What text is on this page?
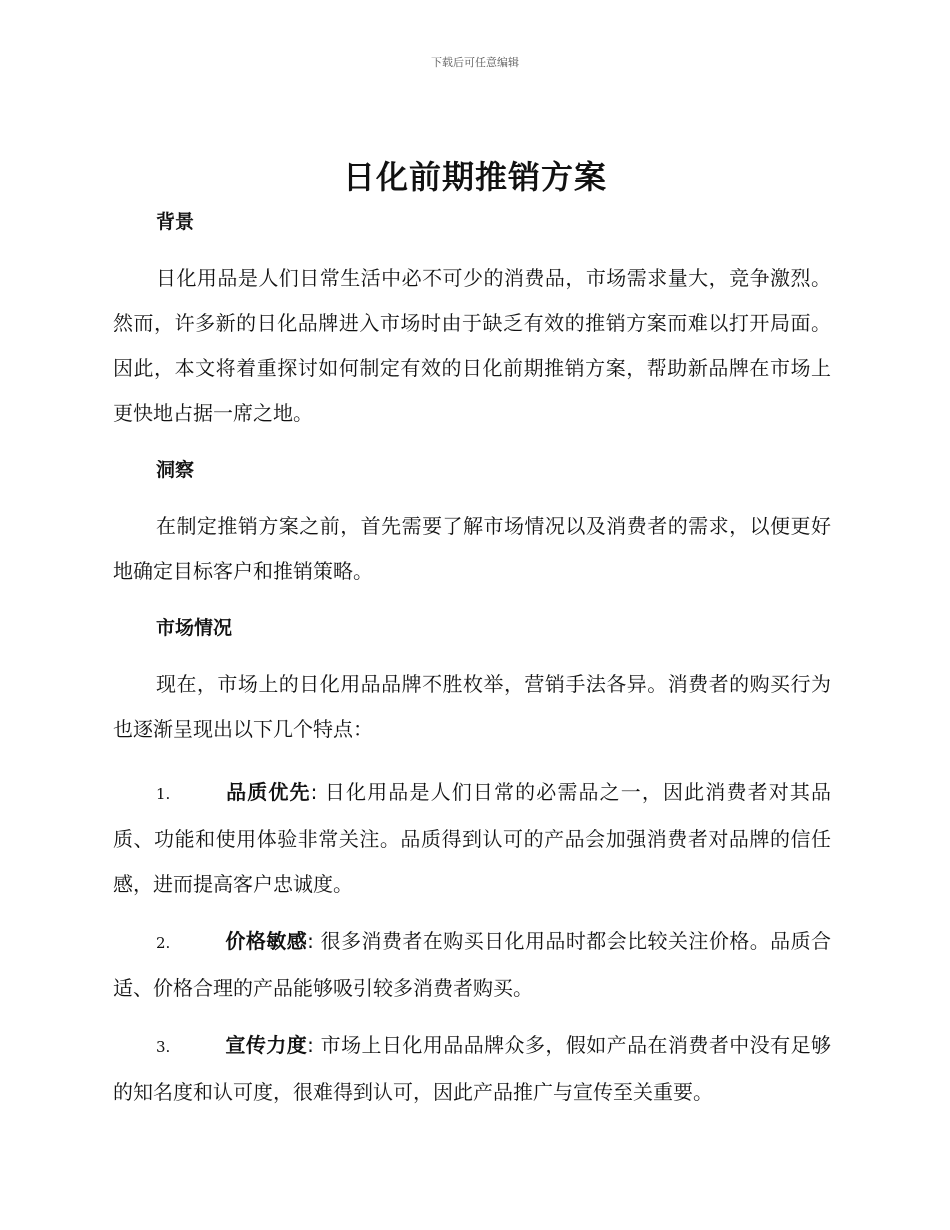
下载后可任意编辑
日化前期推销方案
背景

日化用品是人们日常生活中必不可少的消费品，市场需求量大，竞争激烈。然而，许多新的日化品牌进入市场时由于缺乏有效的推销方案而难以打开局面。因此，本文将着重探讨如何制定有效的日化前期推销方案，帮助新品牌在市场上更快地占据一席之地。

洞察

在制定推销方案之前，首先需要了解市场情况以及消费者的需求，以便更好地确定目标客户和推销策略。

市场情况

现在，市场上的日化用品品牌不胜枚举，营销手法各异。消费者的购买行为也逐渐呈现出以下几个特点：

1.	品质优先: 日化用品是人们日常的必需品之一，因此消费者对其品质、功能和使用体验非常关注。品质得到认可的产品会加强消费者对品牌的信任感，进而提高客户忠诚度。

2.	价格敏感: 很多消费者在购买日化用品时都会比较关注价格。品质合适、价格合理的产品能够吸引较多消费者购买。

3.	宣传力度: 市场上日化用品品牌众多，假如产品在消费者中没有足够的知名度和认可度，很难得到认可，因此产品推广与宣传至关重要。
